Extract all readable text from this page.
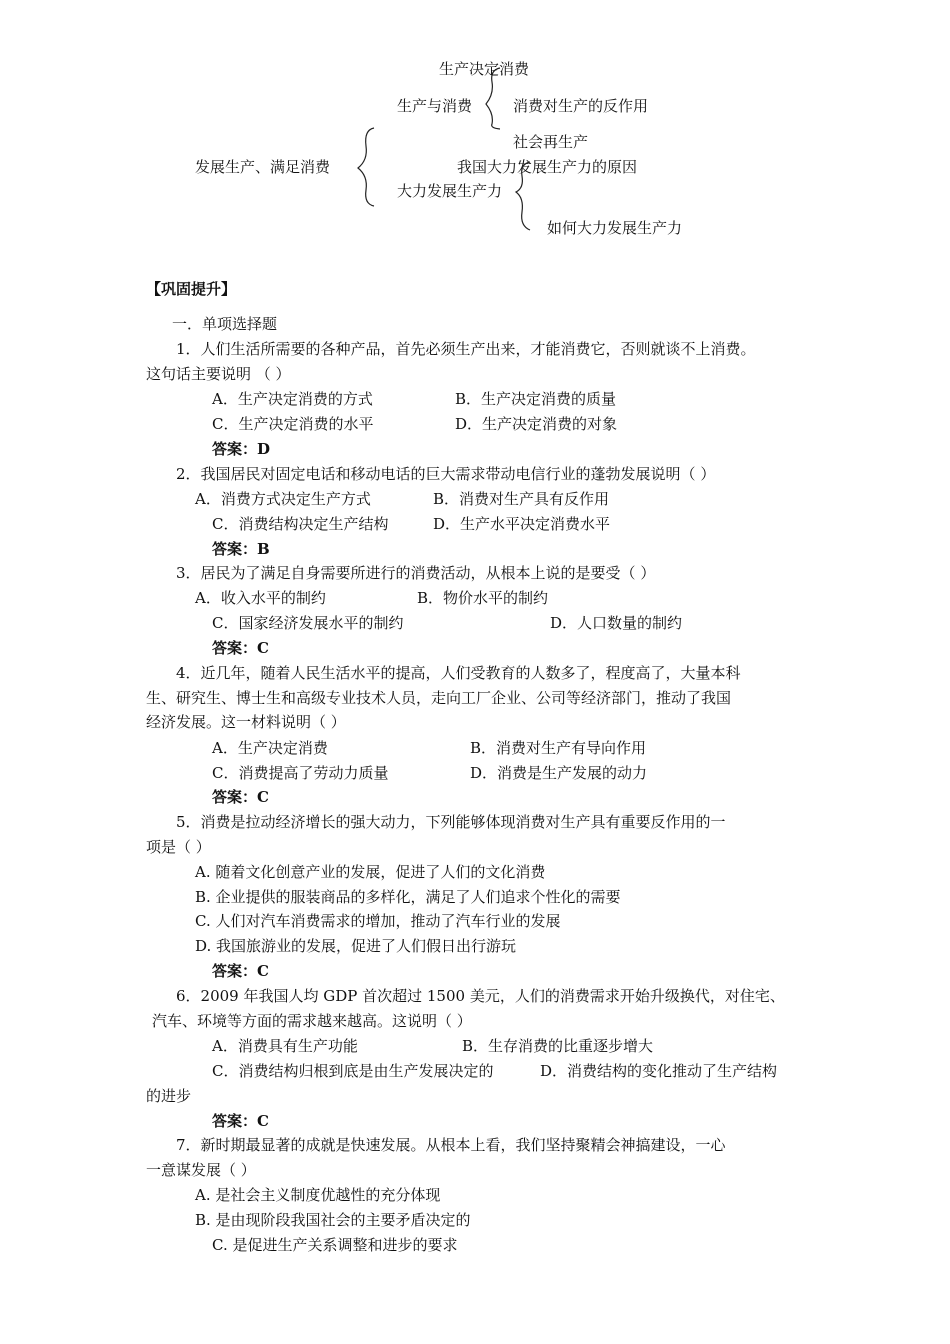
生产决定消费
生产与消费	消费对生产的反作用
社会再生产
发展生产、满足消费	我国大力发展生产力的原因
大力发展生产力
如何大力发展生产力
【巩固提升】
一．单项选择题
1．人们生活所需要的各种产品，首先必须生产出来，才能消费它，否则就谈不上消费。
这句话主要说明 （ ）
A．生产决定消费的方式	B．生产决定消费的质量
C．生产决定消费的水平	D．生产决定消费的对象
答案：D
2．我国居民对固定电话和移动电话的巨大需求带动电信行业的蓬勃发展说明（ ）
A．消费方式决定生产方式	B．消费对生产具有反作用
C．消费结构决定生产结构	D．生产水平决定消费水平
答案：B
3．居民为了满足自身需要所进行的消费活动，从根本上说的是要受（ ）
A．收入水平的制约	B．物价水平的制约
C．国家经济发展水平的制约	D．人口数量的制约
答案：C
4．近几年，随着人民生活水平的提高，人们受教育的人数多了，程度高了，大量本科
生、研究生、博士生和高级专业技术人员，走向工厂企业、公司等经济部门，推动了我国
经济发展。这一材料说明（ ）
A．生产决定消费	B．消费对生产有导向作用
C．消费提高了劳动力质量	D．消费是生产发展的动力
答案：C
5．消费是拉动经济增长的强大动力，下列能够体现消费对生产具有重要反作用的一
项是（ ）
A. 随着文化创意产业的发展，促进了人们的文化消费
B. 企业提供的服装商品的多样化，满足了人们追求个性化的需要
C. 人们对汽车消费需求的增加，推动了汽车行业的发展
D. 我国旅游业的发展，促进了人们假日出行游玩
答案：C
6．2009 年我国人均 GDP 首次超过 1500 美元，人们的消费需求开始升级换代，对住宅、
汽车、环境等方面的需求越来越高。这说明（ ）
A．消费具有生产功能	B．生存消费的比重逐步增大
C．消费结构归根到底是由生产发展决定的	D．消费结构的变化推动了生产结构
的进步
答案：C
7．新时期最显著的成就是快速发展。从根本上看，我们坚持聚精会神搞建设，一心
一意谋发展（ ）
A. 是社会主义制度优越性的充分体现
B. 是由现阶段我国社会的主要矛盾决定的
C. 是促进生产关系调整和进步的要求
